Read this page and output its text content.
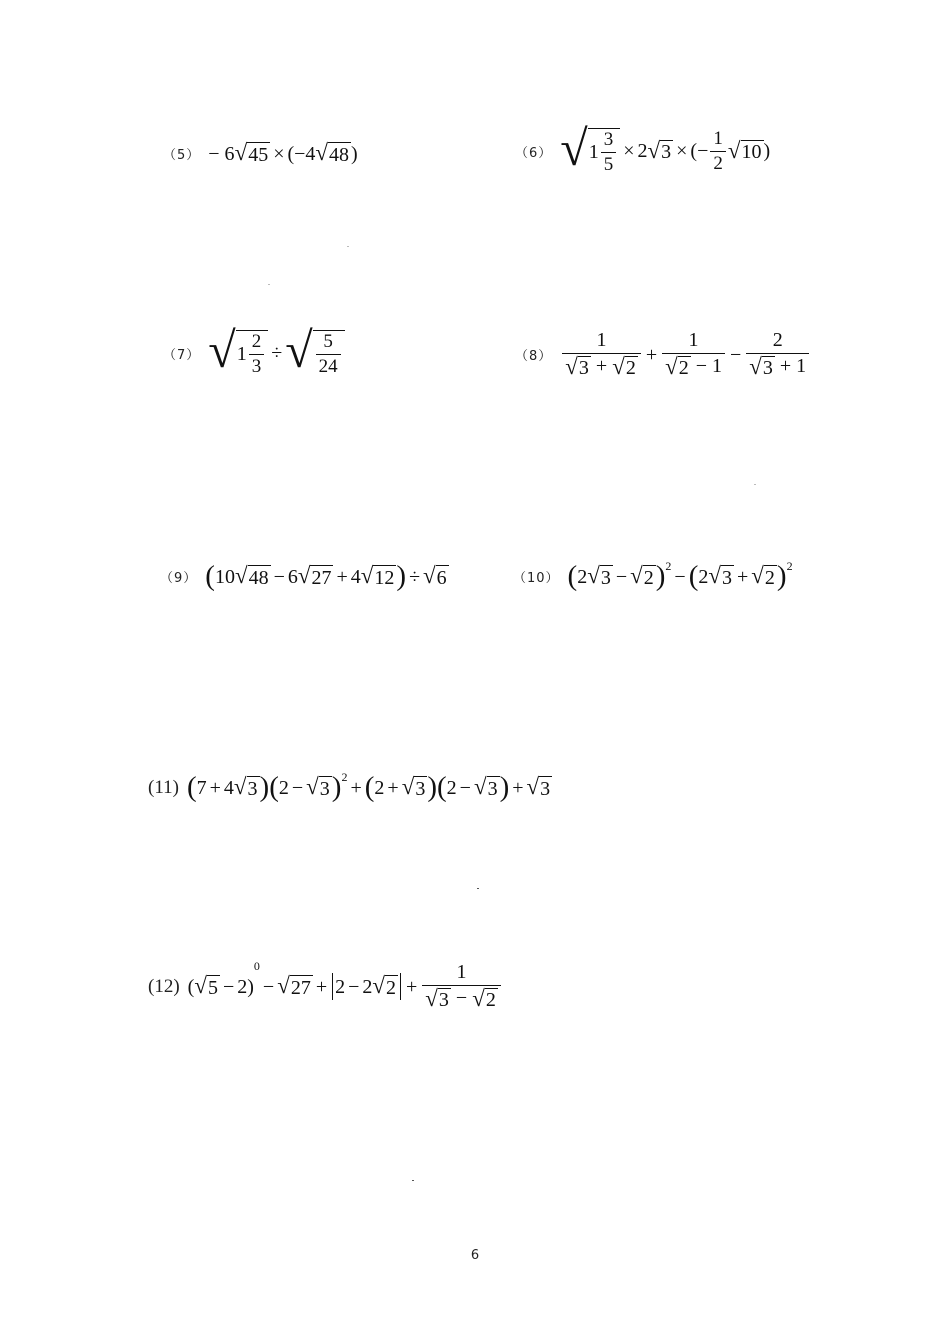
（5） − 6 √ 45 × (−4 √ 48 )	（6） √ $1 \frac{3}{5} \times 2$ √ 3 × (− $\frac{1}{2}$ √ 10 )
（7） √ $1 \frac{2}{3}$ ÷ √ $\frac{5}{24}$	$(8) \frac{1}{√ 3 + √ 2} + \frac{1}{√ 2 - 1} - \frac{2}{√ 3 + 1}$
（9） ( 10 √ 48 − 6 √ 27 + 4 √ 12 ) ÷ √ 6	（10） ( 2 √ 3 − √ 2 ) 2 − ( 2 √ 3 + √ 2 ) 2
(11) ( 7 + 4 √ 3 ) ( 2 − √ 3 ) 2 + ( 2 + √ 3 ) ( 2 − √ 3 ) + √ 3
(12) ( √ 5 − 2)
0
− √ 27 + 2 − 2 √ $2 + \frac{1}{√ 3 - √ 2}$
6
